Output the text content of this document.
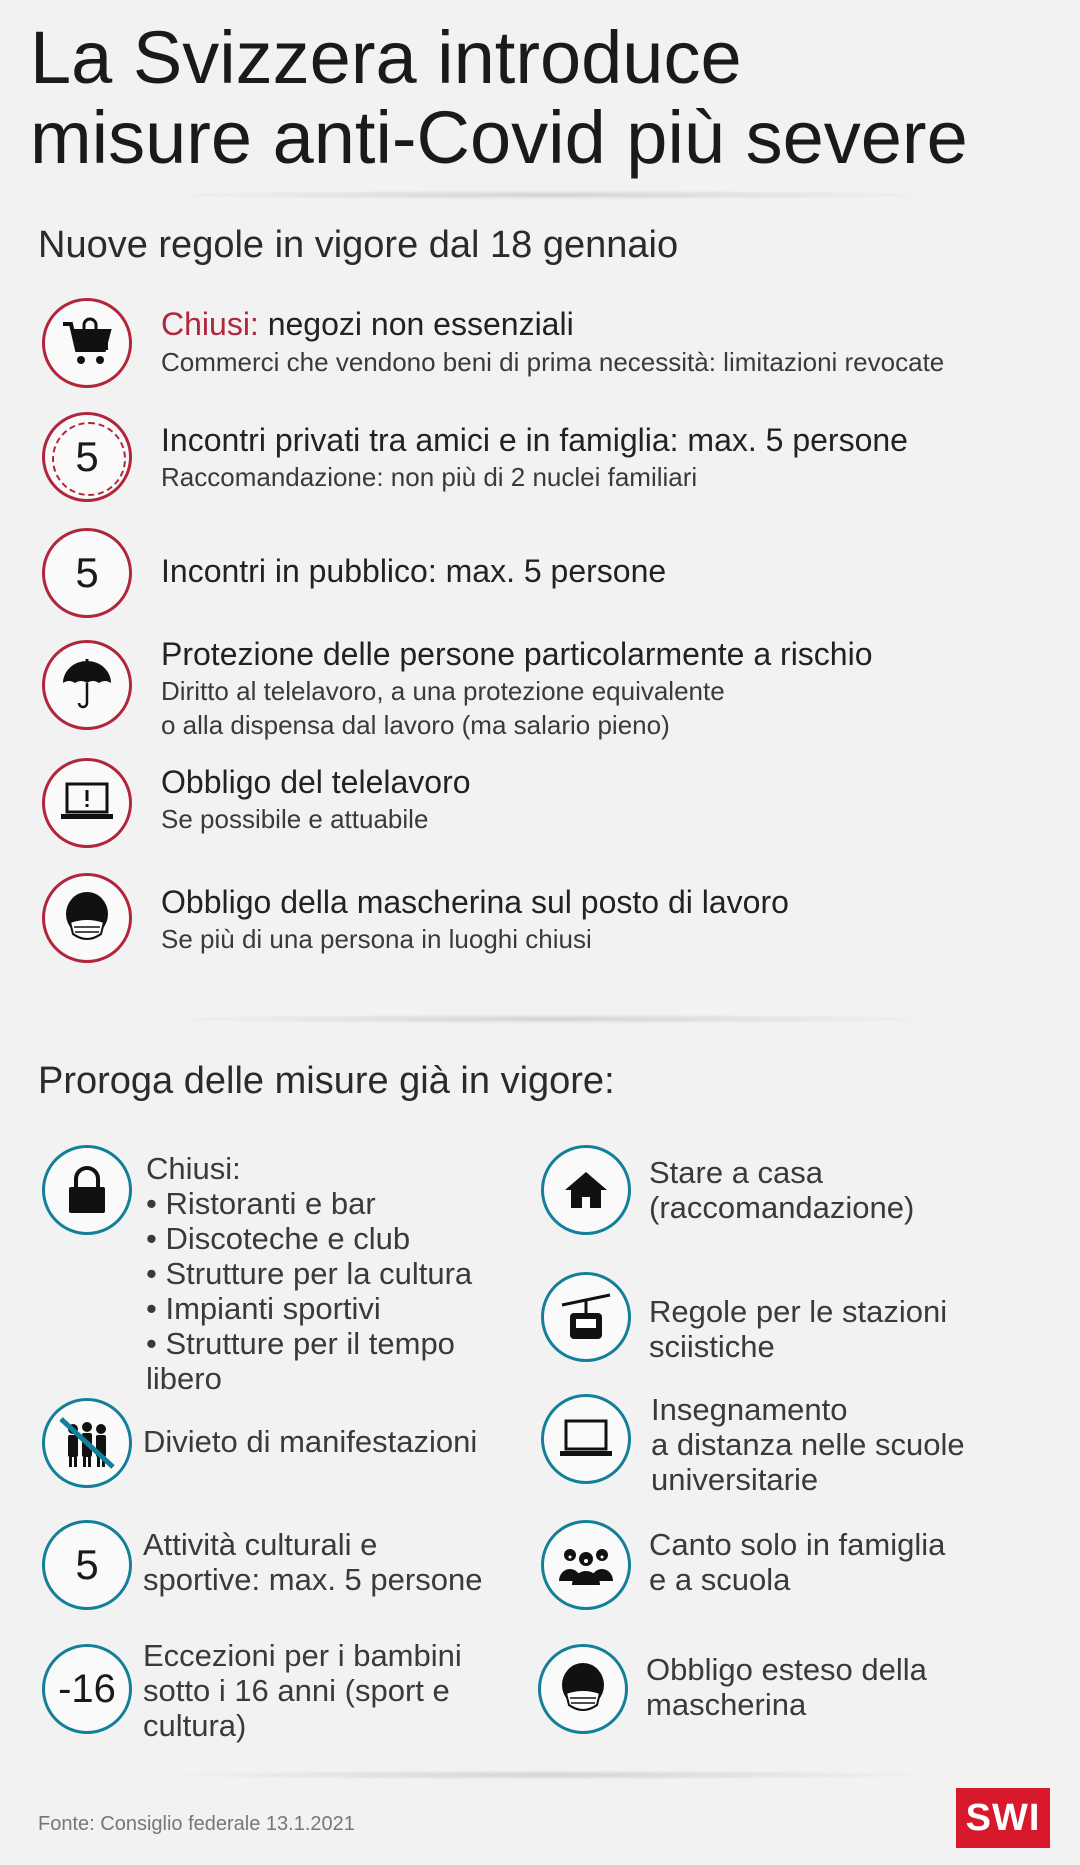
La Svizzera introduce
misure anti-Covid più severe
Nuove regole in vigore dal 18 gennaio
Chiusi: negozi non essenziali
Commerci che vendono beni di prima necessità: limitazioni revocate
5 Incontri privati tra amici e in famiglia: max. 5 persone
Raccomandazione: non più di 2 nuclei familiari
5 Incontri in pubblico: max. 5 persone
Protezione delle persone particolarmente a rischio
Diritto al telelavoro, a una protezione equivalente
o alla dispensa dal lavoro (ma salario pieno)
Obbligo del telelavoro
Se possibile e attuabile
Obbligo della mascherina sul posto di lavoro
Se più di una persona in luoghi chiusi
Proroga delle misure già in vigore:
Chiusi:
• Ristoranti e bar
• Discoteche e club
• Strutture per la cultura
• Impianti sportivi
• Strutture per il tempo
libero
Divieto di manifestazioni
5 Attività culturali e
sportive: max. 5 persone
-16
Eccezioni per i bambini
sotto i 16 anni (sport e
cultura)
Stare a casa
(raccomandazione)
Regole per le stazioni
sciistiche
Insegnamento
a distanza nelle scuole
universitarie
Canto solo in famiglia
e a scuola
Obbligo esteso della
mascherina
Fonte: Consiglio federale 13.1.2021	SWI
